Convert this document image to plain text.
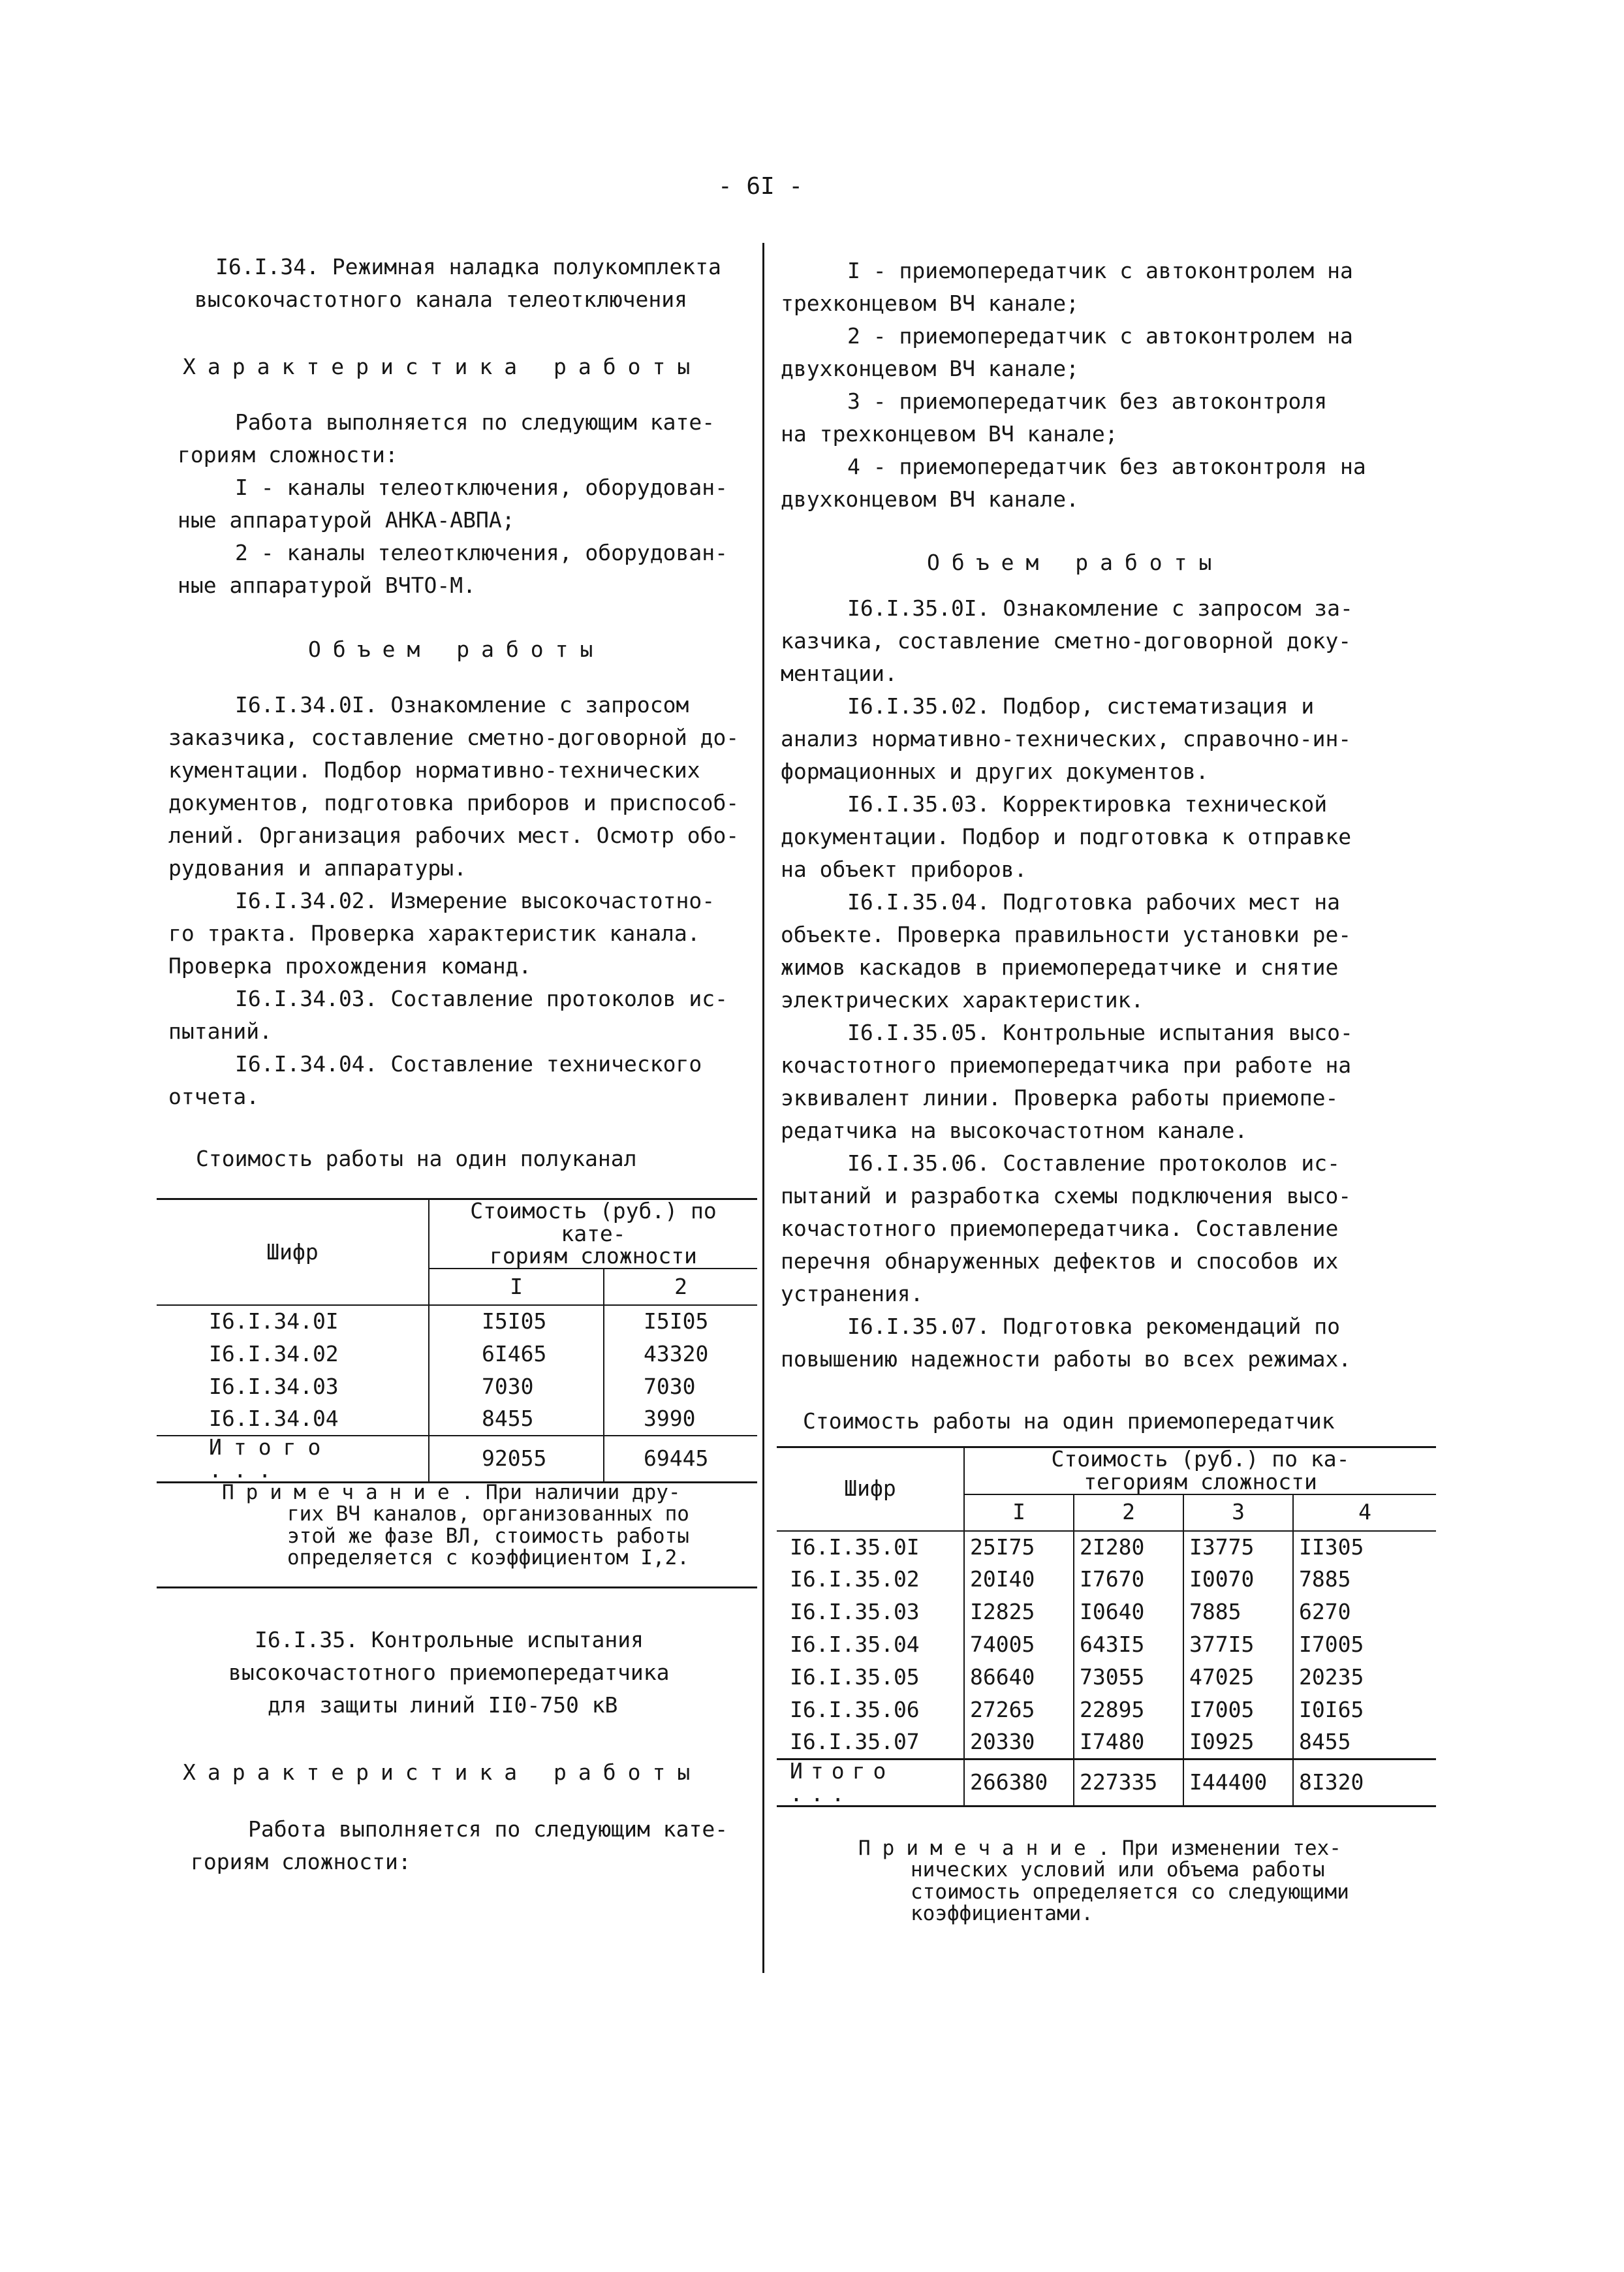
- 6I -
I6.I.34. Режимная наладка полукомплекта
высокочастотного канала телеотключения
Характеристика работы
Работа выполняется по следующим кате-
гориям сложности:
I - каналы телеотключения, оборудован-
ные аппаратурой АНКА-АВПА;
2 - каналы телеотключения, оборудован-
ные аппаратурой ВЧТО-М.
Объем работы
I6.I.34.0I. Ознакомление с запросом
заказчика, составление сметно-договорной до-
кументации. Подбор нормативно-технических
документов, подготовка приборов и приспособ-
лений. Организация рабочих мест. Осмотр обо-
рудования и аппаратуры.
I6.I.34.02. Измерение высокочастотно-
го тракта. Проверка характеристик канала.
Проверка прохождения команд.
I6.I.34.03. Составление протоколов ис-
пытаний.
I6.I.34.04. Составление технического
отчета.
Стоимость работы на один полуканал
Шифр	Стоимость (руб.) по кате-
гориям сложности	

	I	2
I6.I.34.0I	I5I05	I5I05
I6.I.34.02	6I465	43320
I6.I.34.03	7030	7030
I6.I.34.04	8455	3990
Итого ...	92055	69445
Примечание. При наличии дру-
гих ВЧ каналов, организованных по
этой же фазе ВЛ, стоимость работы
определяется с коэффициентом I,2.
I6.I.35. Контрольные испытания
высокочастотного приемопередатчика
для защиты линий II0-750 кВ
Характеристика работы
Работа выполняется по следующим кате-
гориям сложности:
I - приемопередатчик с автоконтролем на
трехконцевом ВЧ канале;
2 - приемопередатчик с автоконтролем на
двухконцевом ВЧ канале;
3 - приемопередатчик без автоконтроля
на трехконцевом ВЧ канале;
4 - приемопередатчик без автоконтроля на
двухконцевом ВЧ канале.
Объем работы
I6.I.35.0I. Ознакомление с запросом за-
казчика, составление сметно-договорной доку-
ментации.
I6.I.35.02. Подбор, систематизация и
анализ нормативно-технических, справочно-ин-
формационных и других документов.
I6.I.35.03. Корректировка технической
документации. Подбор и подготовка к отправке
на объект приборов.
I6.I.35.04. Подготовка рабочих мест на
объекте. Проверка правильности установки ре-
жимов каскадов в приемопередатчике и снятие
электрических характеристик.
I6.I.35.05. Контрольные испытания высо-
кочастотного приемопередатчика при работе на
эквивалент линии. Проверка работы приемопе-
редатчика на высокочастотном канале.
I6.I.35.06. Составление протоколов ис-
пытаний и разработка схемы подключения высо-
кочастотного приемопередатчика. Составление
перечня обнаруженных дефектов и способов их
устранения.
I6.I.35.07. Подготовка рекомендаций по
повышению надежности работы во всех режимах.
Стоимость работы на один приемопередатчик
Шифр	Стоимость (руб.) по ка-
тегориям сложности			

	I	2	3	4
I6.I.35.0I	25I75	2I280	I3775	II305
I6.I.35.02	20I40	I7670	I0070	7885
I6.I.35.03	I2825	I0640	7885	6270
I6.I.35.04	74005	643I5	377I5	I7005
I6.I.35.05	86640	73055	47025	20235
I6.I.35.06	27265	22895	I7005	I0I65
I6.I.35.07	20330	I7480	I0925	8455
Итого ...	266380	227335	I44400	8I320
Примечание. При изменении тех-
нических условий или объема работы
стоимость определяется со следующими
коэффициентами.
